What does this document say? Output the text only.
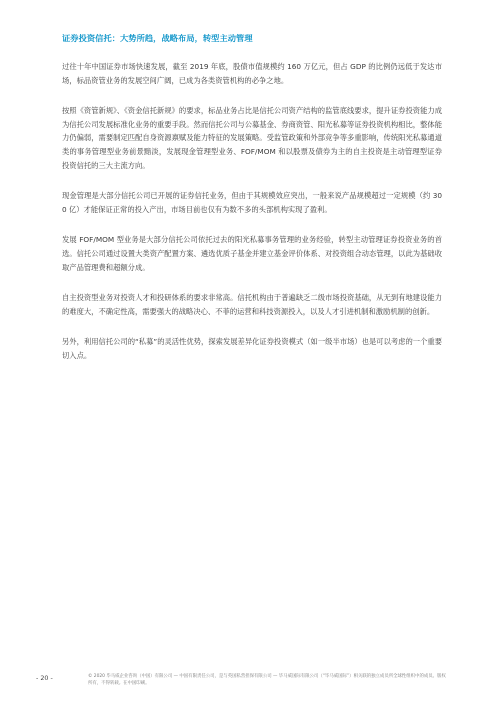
证券投资信托：大势所趋，战略布局，转型主动管理

过往十年中国证券市场快速发展，截至 2019 年底，股债市值规模约 160 万亿元，但占 GDP 的比例仍远低于发达市场，标品资管业务的发展空间广阔，已成为各类资管机构的必争之地。

按照《资管新规》、《资金信托新规》的要求，标品业务占比是信托公司资产结构的监管底线要求，提升证券投资能力成为信托公司发展标准化业务的重要手段。然而信托公司与公募基金、券商资管、阳光私募等证券投资机构相比，整体能力仍偏弱，需要制定匹配自身资源禀赋及能力特征的发展策略。受监管政策和外部竞争等多重影响，传统阳光私募通道类的事务管理型业务前景黯淡，发展现金管理型业务、FOF/MOM 和以股票及债券为主的自主投资是主动管理型证券投资信托的三大主流方向。

现金管理是大部分信托公司已开展的证券信托业务，但由于其规模效应突出，一般来说产品规模超过一定规模（约 300 亿）才能保证正常的投入产出，市场目前也仅有为数不多的头部机构实现了盈利。

发展 FOF/MOM 型业务是大部分信托公司依托过去的阳光私募事务管理的业务经验，转型主动管理证券投资业务的首选。信托公司通过设置大类资产配置方案、遴选优质子基金并建立基金评价体系、对投资组合动态管理，以此为基础收取产品管理费和超额分成。

自主投资型业务对投资人才和投研体系的要求非常高。信托机构由于普遍缺乏二级市场投资基础，从无到有地建设能力的难度大，不确定性高，需要强大的战略决心、不菲的运营和科技资源投入，以及人才引进机制和激励机制的创新。

另外，利用信托公司的“私募”的灵活性优势，探索发展差异化证券投资模式（如一级半市场）也是可以考虑的一个重要切入点。

- 20 -	© 2020 毕马威企业咨询（中国）有限公司 — 中国有限责任公司，是与英国私营担保有限公司 — 毕马威国际有限公司（“毕马威国际”）相关联的独立成员所全球性组织中的成员。版权所有，不得转载。在中国印刷。
